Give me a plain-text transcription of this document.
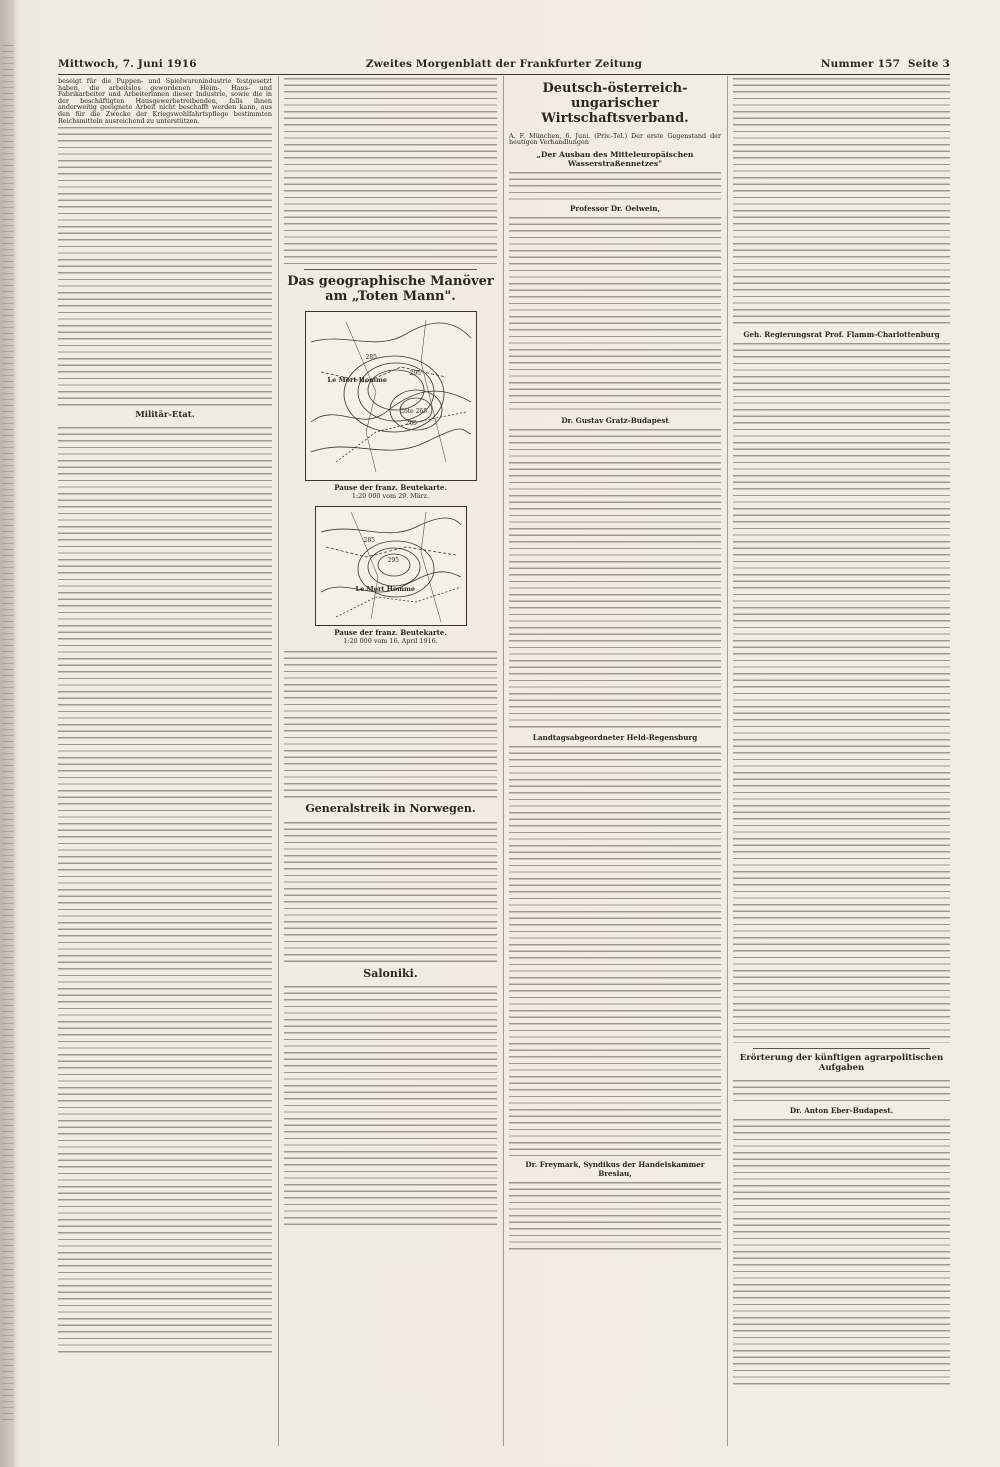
Mittwoch, 7. Juni 1916	Zweites Morgenblatt der Frankfurter Zeitung	Nummer 157 Seite 3

beseigt für die Puppen- und Spielwarenindustrie festgesetzt haben, die arbeitslos gewordenen Heim-, Haus- und Fabrikarbeiter und Arbeiterinnen dieser Industrie, sowie die in der beschäftigten Hausgewerbetreibenden, falls ihnen anderweitig geeignete Arbeit nicht beschafft werden kann, aus den für die Zwecke der Kriegswohlfahrtspflege bestimmten Reichsmitteln ausreichend zu unterstützen.

Militär-Etat.
Das geographische Manöver am „Toten Mann".
285
Le Mort Homme
295
Cote 265
265
Pause der franz. Beutekarte.
1:20 000 vom 29. März.
285
295
Le Mort Homme
Pause der franz. Beutekarte.
1:20 000 vom 16. April 1916.
Generalstreik in Norwegen.
Saloniki.
Deutsch-österreich-ungarischer Wirtschaftsverband.

A. F. München, 6. Juni. (Priv.-Tel.) Der erste Gegenstand der heutigen Verhandlungen

„Der Ausbau des Mitteleuropäischen Wasserstraßennetzes"
Professor Dr. Oelwein,
Dr. Gustav Gratz-Budapest
Landtagsabgeordneter Held-Regensburg
Dr. Freymark, Syndikus der Handelskammer Breslau,
Geh. Regierungsrat Prof. Flamm-Charlottenburg
Erörterung der künftigen agrarpolitischen Aufgaben
Dr. Anton Eber-Budapest.
